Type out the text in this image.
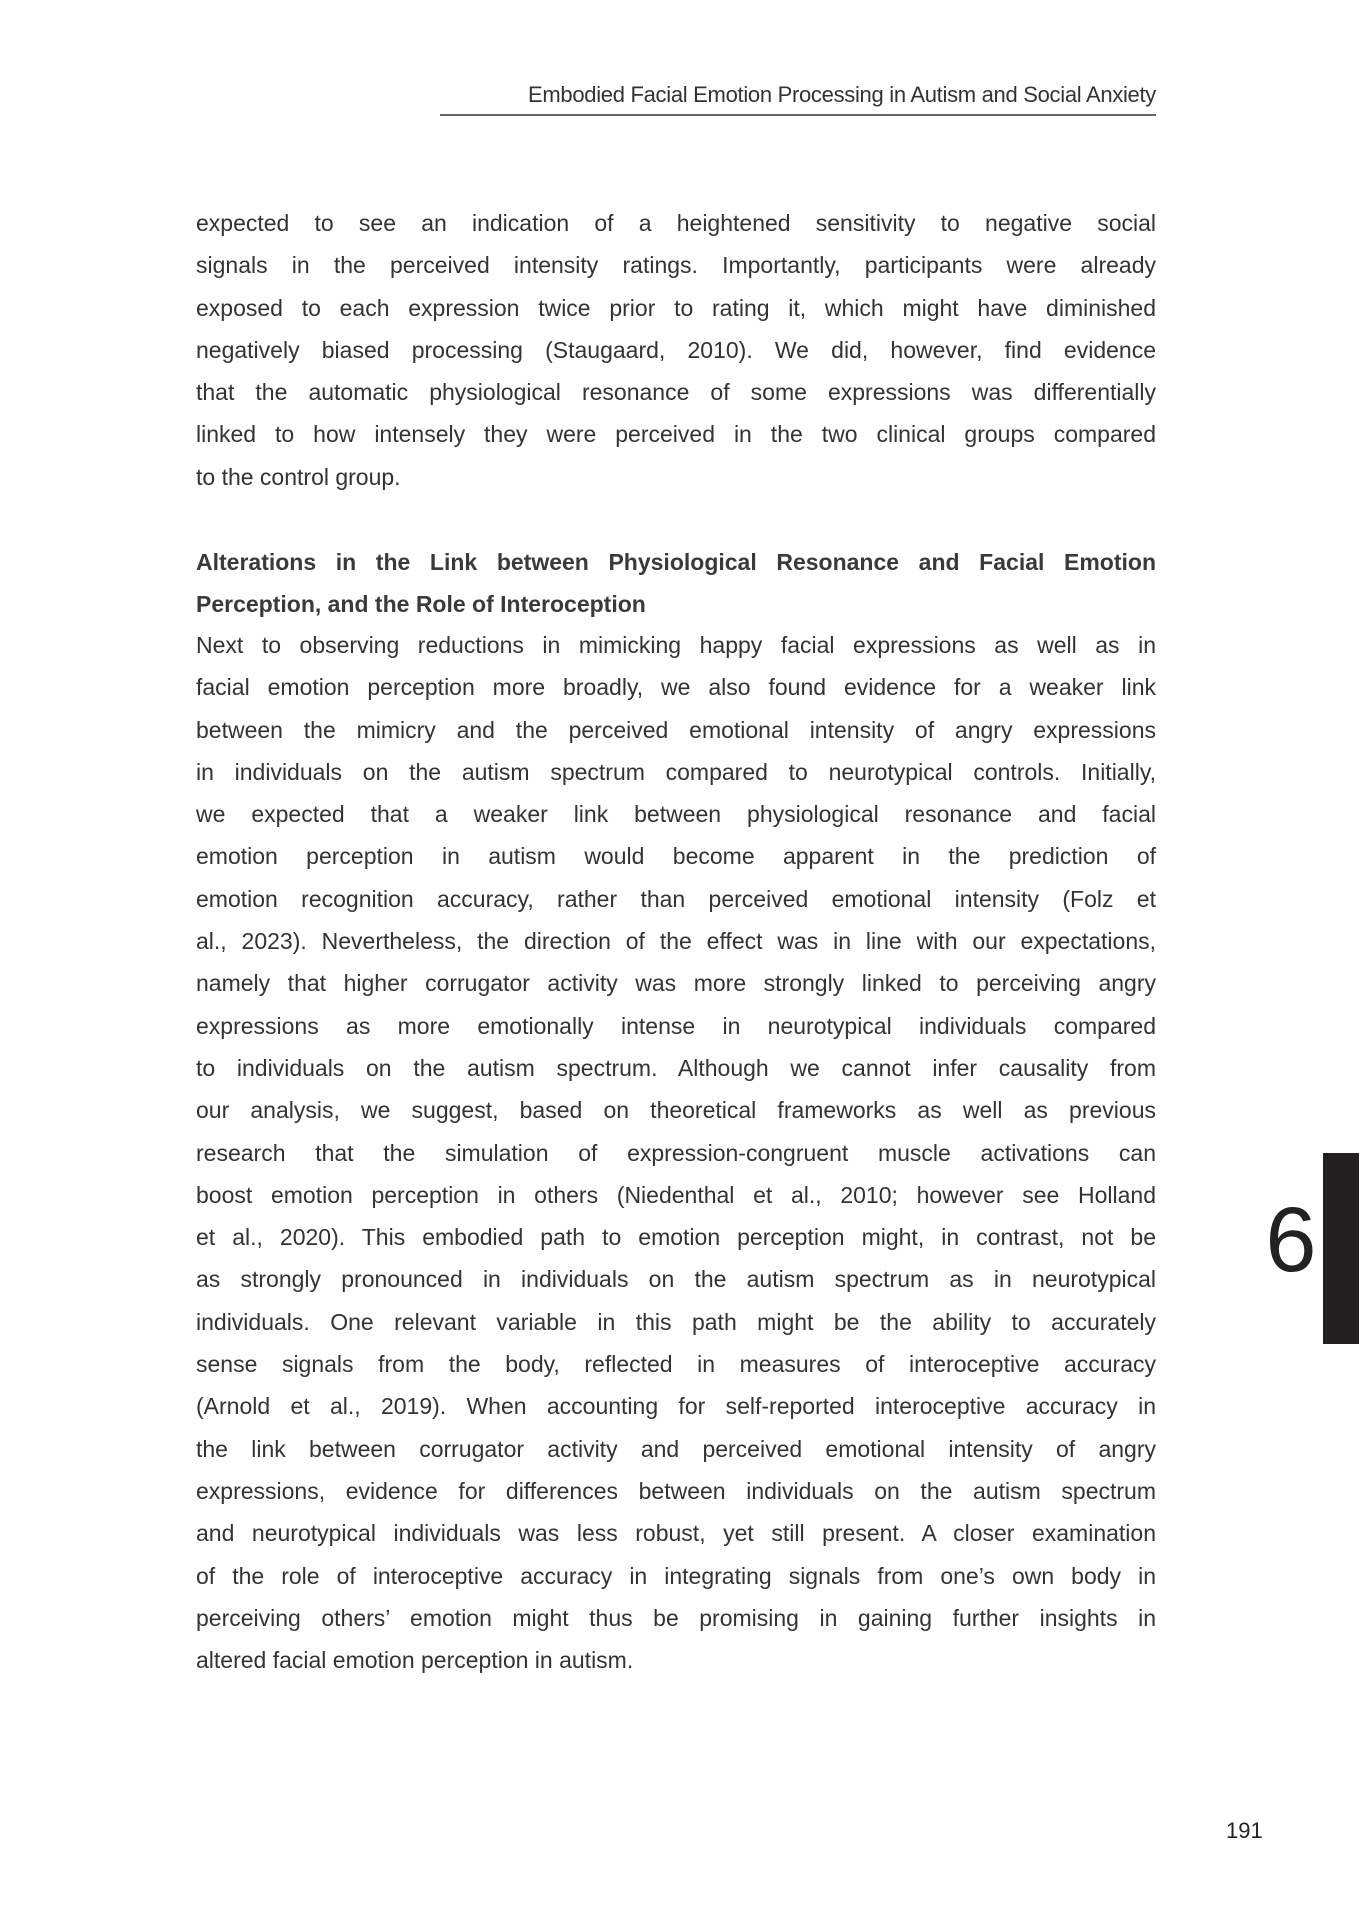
Embodied Facial Emotion Processing in Autism and Social Anxiety
expected to see an indication of a heightened sensitivity to negative social
signals in the perceived intensity ratings. Importantly, participants were already
exposed to each expression twice prior to rating it, which might have diminished
negatively biased processing (Staugaard, 2010). We did, however, find evidence
that the automatic physiological resonance of some expressions was differentially
linked to how intensely they were perceived in the two clinical groups compared
to the control group.
Alterations in the Link between Physiological Resonance and Facial Emotion
Perception, and the Role of Interoception
Next to observing reductions in mimicking happy facial expressions as well as in
facial emotion perception more broadly, we also found evidence for a weaker link
between the mimicry and the perceived emotional intensity of angry expressions
in individuals on the autism spectrum compared to neurotypical controls. Initially,
we expected that a weaker link between physiological resonance and facial
emotion perception in autism would become apparent in the prediction of
emotion recognition accuracy, rather than perceived emotional intensity (Folz et
al., 2023). Nevertheless, the direction of the effect was in line with our expectations,
namely that higher corrugator activity was more strongly linked to perceiving angry
expressions as more emotionally intense in neurotypical individuals compared
to individuals on the autism spectrum. Although we cannot infer causality from
our analysis, we suggest, based on theoretical frameworks as well as previous
research that the simulation of expression-congruent muscle activations can
boost emotion perception in others (Niedenthal et al., 2010; however see Holland
et al., 2020). This embodied path to emotion perception might, in contrast, not be
as strongly pronounced in individuals on the autism spectrum as in neurotypical
individuals. One relevant variable in this path might be the ability to accurately
sense signals from the body, reflected in measures of interoceptive accuracy
(Arnold et al., 2019). When accounting for self-reported interoceptive accuracy in
the link between corrugator activity and perceived emotional intensity of angry
expressions, evidence for differences between individuals on the autism spectrum
and neurotypical individuals was less robust, yet still present. A closer examination
of the role of interoceptive accuracy in integrating signals from one’s own body in
perceiving others’ emotion might thus be promising in gaining further insights in
altered facial emotion perception in autism.
6
191
